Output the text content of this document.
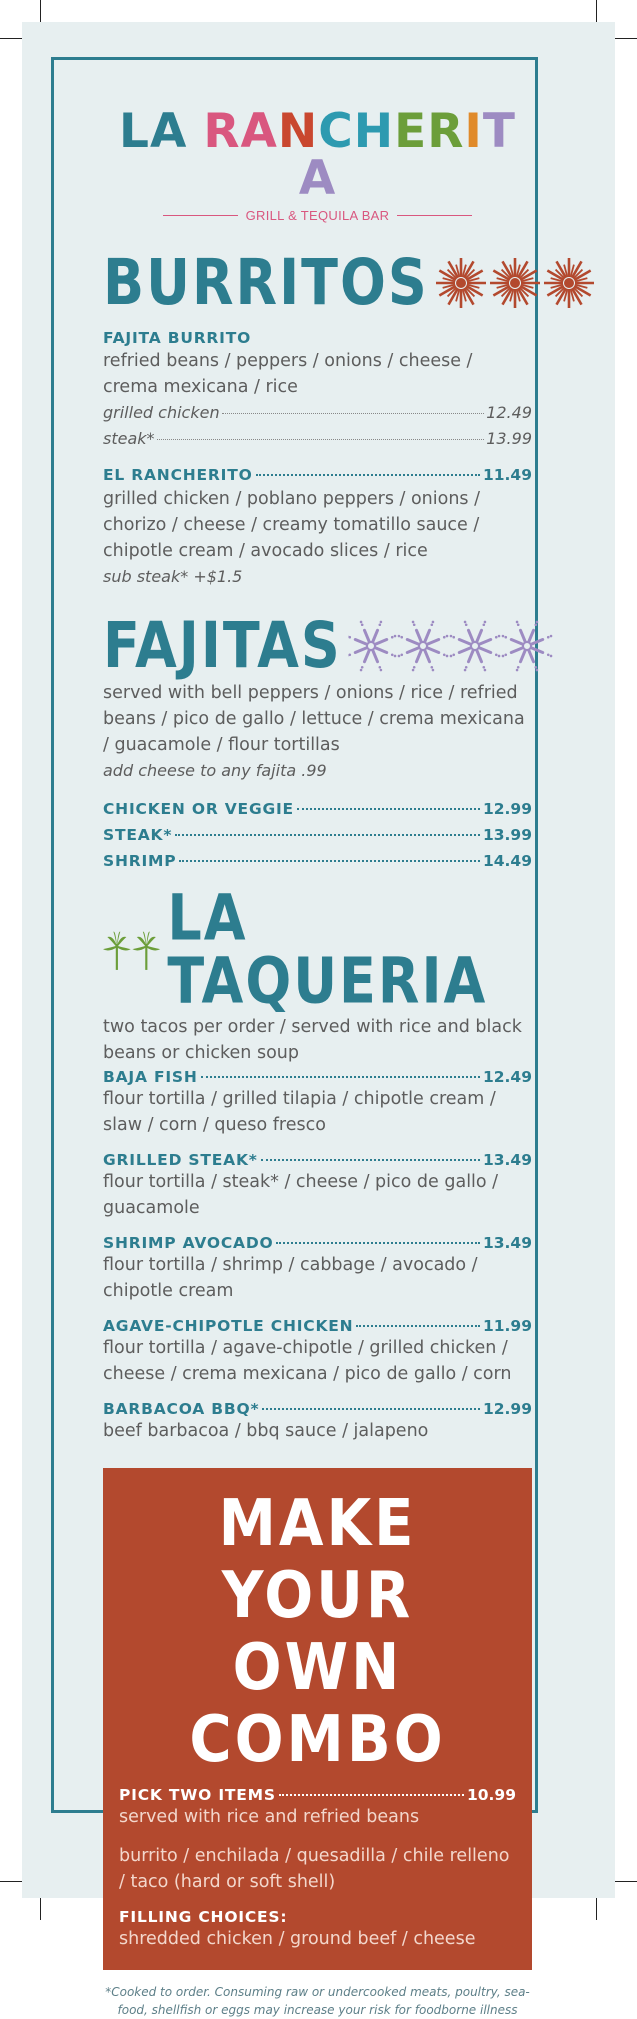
LA RANCHERITA
GRILL & TEQUILA BAR
BURRITOS
FAJITA BURRITO
refried beans / peppers / onions / cheese / crema mexicana / rice
grilled chicken	12.49
steak*	13.99
EL RANCHERITO	11.49
grilled chicken / poblano peppers / onions / chorizo / cheese / creamy tomatillo sauce / chipotle cream / avocado slices / rice
sub steak* +$1.5
FAJITAS
served with bell peppers / onions / rice / refried beans / pico de gallo / lettuce / crema mexicana / guacamole / flour tortillas
add cheese to any fajita .99
CHICKEN OR VEGGIE	12.99
STEAK*	13.99
SHRIMP	14.49
LA TAQUERIA
two tacos per order / served with rice and black beans or chicken soup
BAJA FISH	12.49
flour tortilla / grilled tilapia / chipotle cream / slaw / corn / queso fresco
GRILLED STEAK*	13.49
flour tortilla / steak* / cheese / pico de gallo / guacamole
SHRIMP AVOCADO	13.49
flour tortilla / shrimp / cabbage / avocado / chipotle cream
AGAVE-CHIPOTLE CHICKEN	11.99
flour tortilla / agave-chipotle / grilled chicken / cheese / crema mexicana / pico de gallo / corn
BARBACOA BBQ*	12.99
beef barbacoa / bbq sauce / jalapeno
MAKE YOUR
OWN COMBO
PICK TWO ITEMS	10.99
served with rice and refried beans
burrito / enchilada / quesadilla / chile relleno / taco (hard or soft shell)
FILLING CHOICES:
shredded chicken / ground beef / cheese
*Cooked to order. Consuming raw or undercooked meats, poultry, sea-
food, shellfish or eggs may increase your risk for foodborne illness
